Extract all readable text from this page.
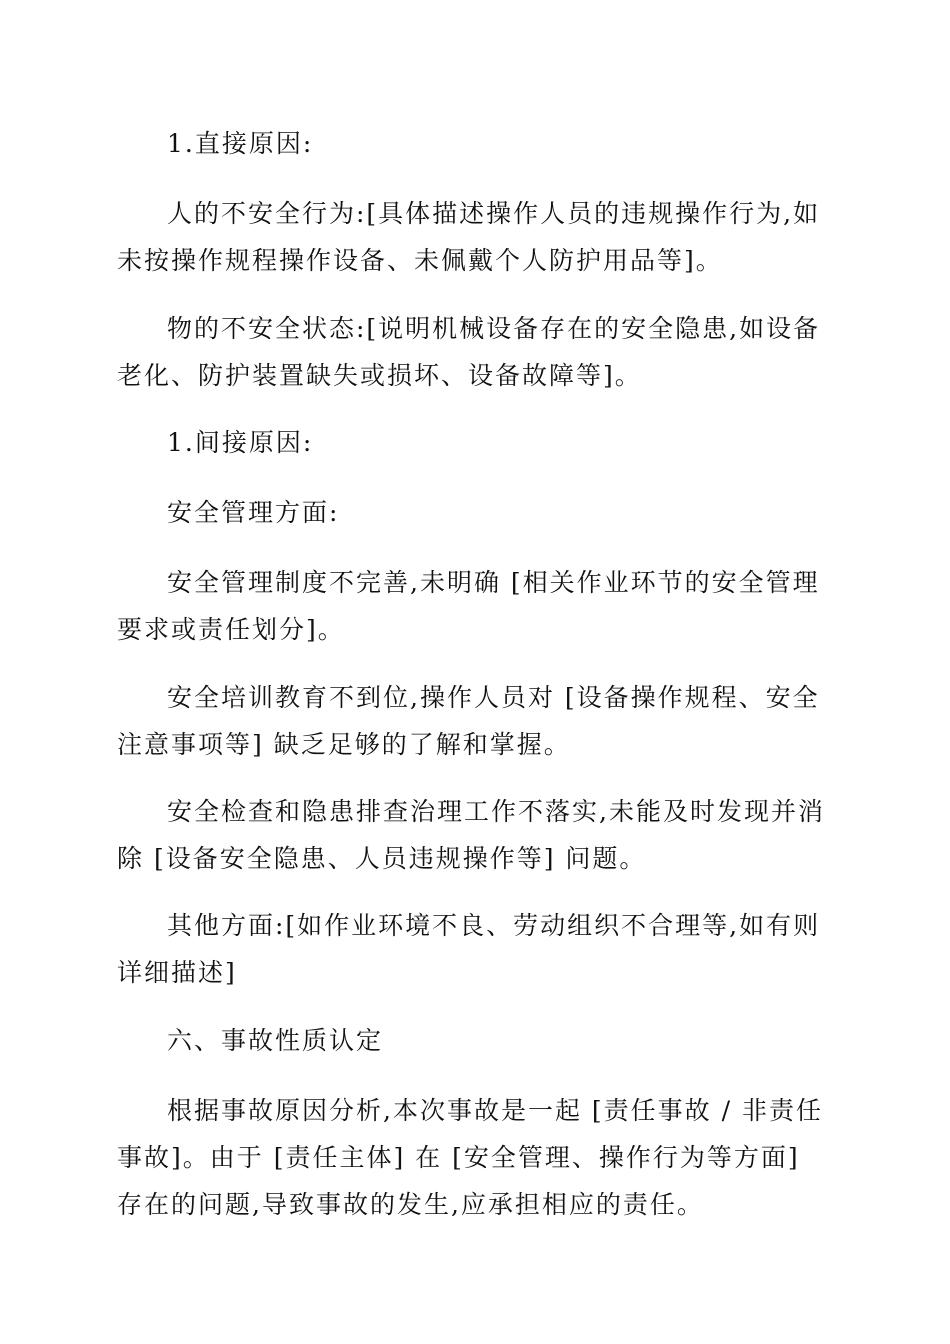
1.直接原因:

人的不安全行为:[具体描述操作人员的违规操作行为,如未按操作规程操作设备、未佩戴个人防护用品等]。

物的不安全状态:[说明机械设备存在的安全隐患,如设备老化、防护装置缺失或损坏、设备故障等]。

1.间接原因:

安全管理方面:

安全管理制度不完善,未明确 [相关作业环节的安全管理要求或责任划分]。

安全培训教育不到位,操作人员对 [设备操作规程、安全注意事项等] 缺乏足够的了解和掌握。

安全检查和隐患排查治理工作不落实,未能及时发现并消除 [设备安全隐患、人员违规操作等] 问题。

其他方面:[如作业环境不良、劳动组织不合理等,如有则详细描述]

六、事故性质认定

根据事故原因分析,本次事故是一起 [责任事故 / 非责任事故]。由于 [责任主体] 在 [安全管理、操作行为等方面] 存在的问题,导致事故的发生,应承担相应的责任。
